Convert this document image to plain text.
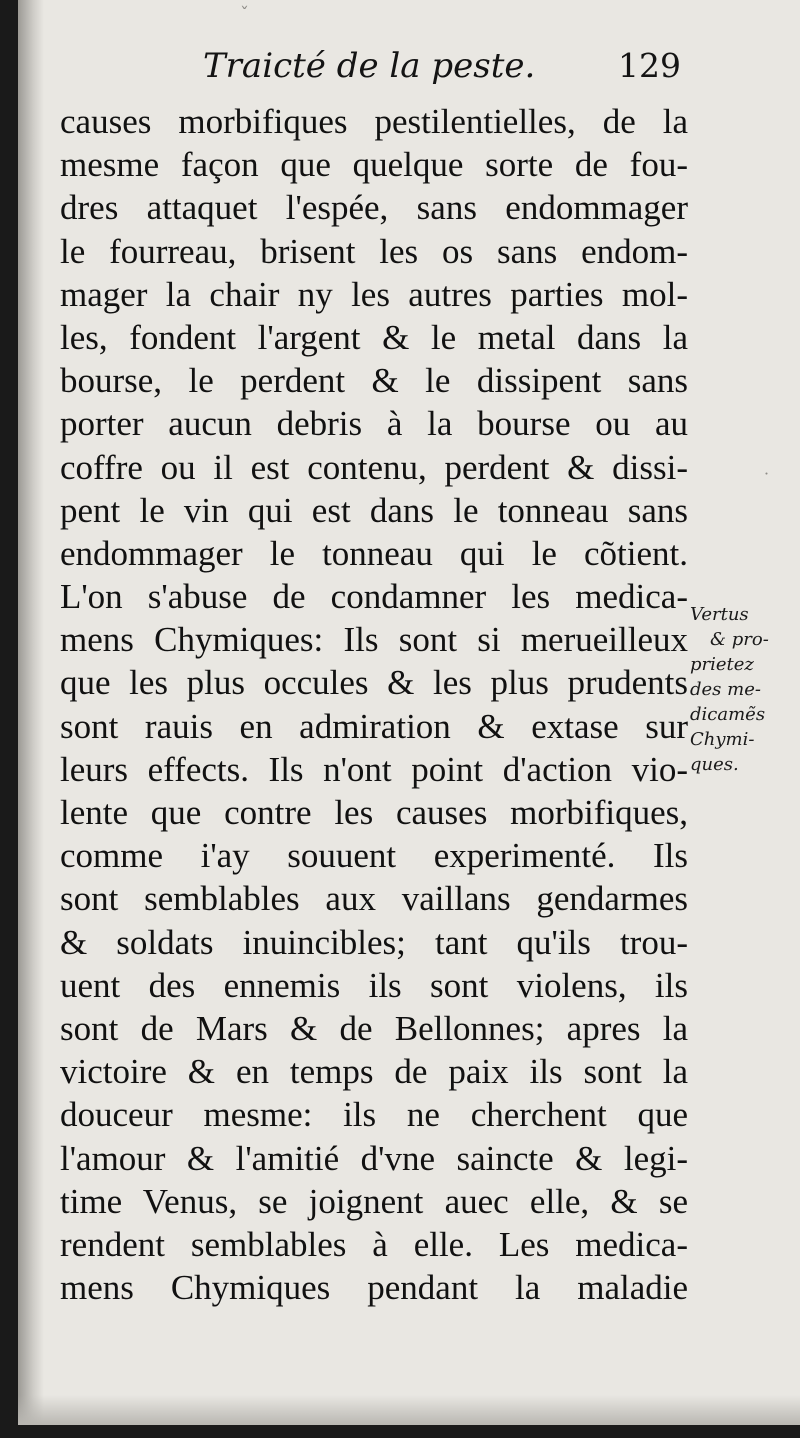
Traicté de la peste.	129
causes morbifiques pestilentielles, de la
mesme façon que quelque sorte de fou-
dres attaquet l'espée, sans endommager
le fourreau, brisent les os sans endom-
mager la chair ny les autres parties mol-
les, fondent l'argent & le metal dans la
bourse, le perdent & le dissipent sans
porter aucun debris à la bourse ou au
coffre ou il est contenu, perdent & dissi-
pent le vin qui est dans le tonneau sans
endommager le tonneau qui le cõtient.
L'on s'abuse de condamner les medica-
mens Chymiques: Ils sont si merueilleux
que les plus occules & les plus prudents
sont rauis en admiration & extase sur
leurs effects. Ils n'ont point d'action vio-
lente que contre les causes morbifiques,
comme i'ay souuent experimenté. Ils
sont semblables aux vaillans gendarmes
& soldats inuincibles; tant qu'ils trou-
uent des ennemis ils sont violens, ils
sont de Mars & de Bellonnes; apres la
victoire & en temps de paix ils sont la
douceur mesme: ils ne cherchent que
l'amour & l'amitié d'vne saincte & legi-
time Venus, se joignent auec elle, & se
rendent semblables à elle. Les medica-
mens Chymiques pendant la maladie
Vertus
& pro-
prietez
des me-
dicamẽs
Chymi-
ques.
ˇ
˙
